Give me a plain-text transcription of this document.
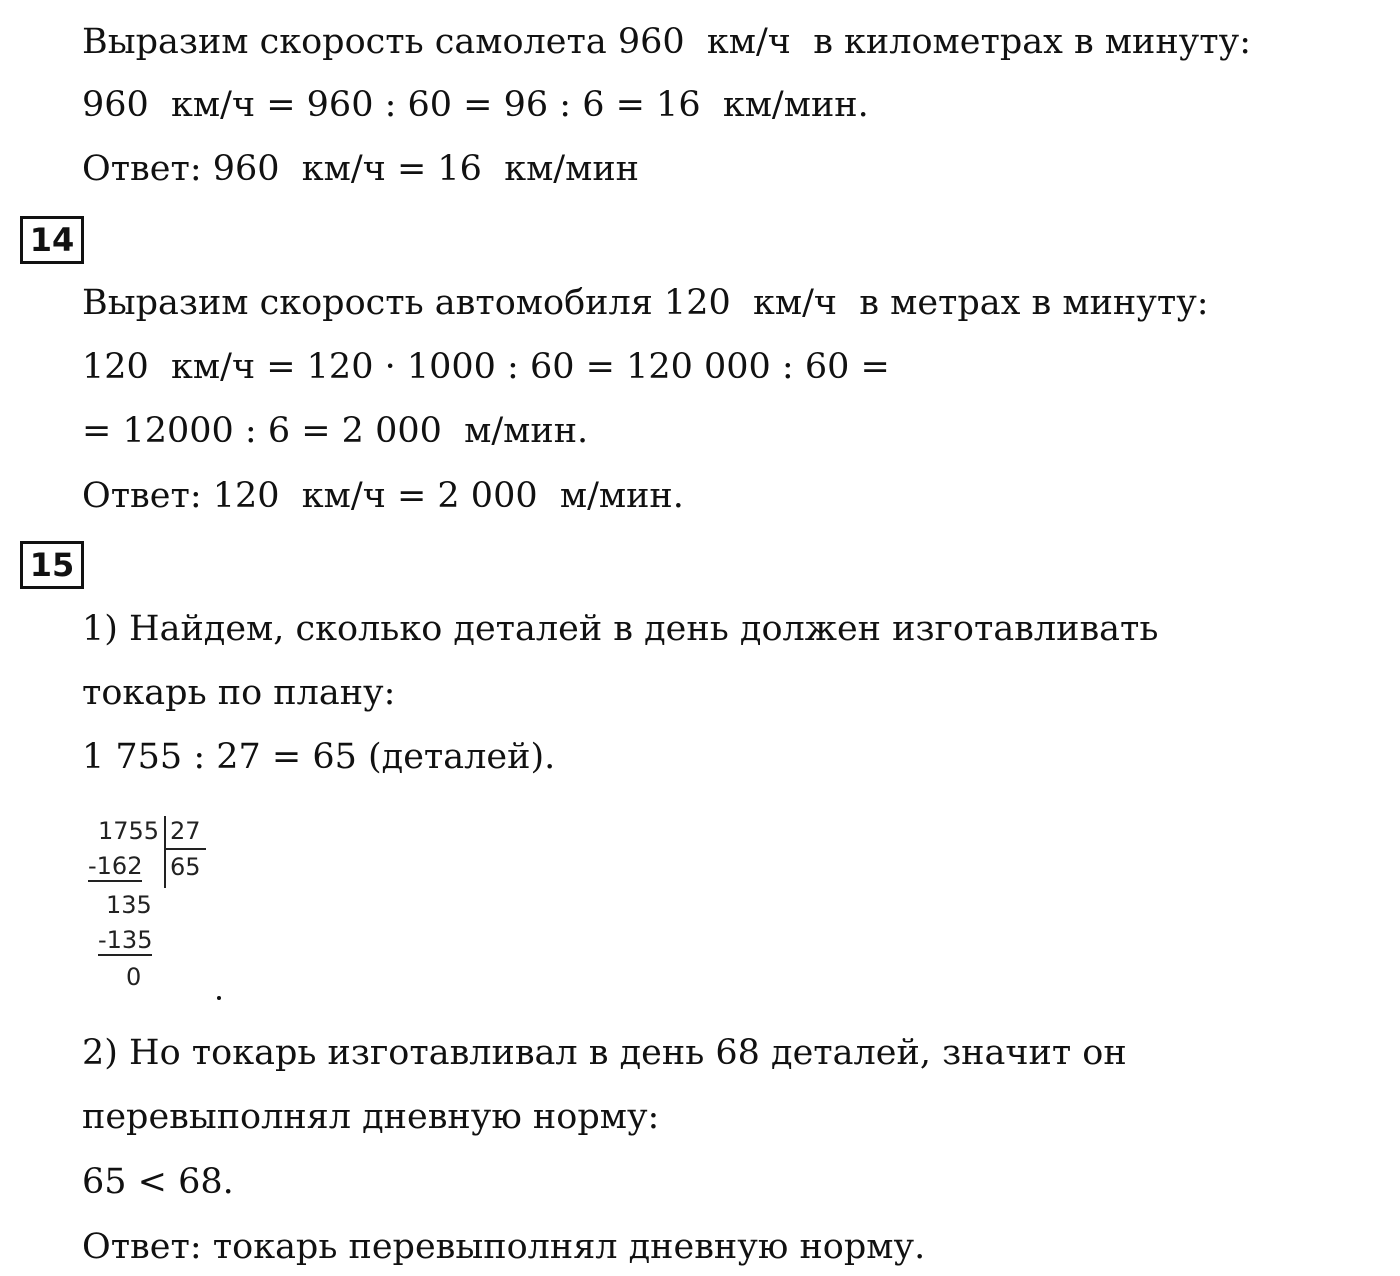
Выразим скорость самолета 960  км/ч  в километрах в минуту:
960  км/ч = 960 : 60 = 96 : 6 = 16  км/мин.
Ответ: 960  км/ч = 16  км/мин
14
Выразим скорость автомобиля 120  км/ч  в метрах в минуту:
120  км/ч = 120 · 1000 : 60 = 120 000 : 60 =
= 12000 : 6 = 2 000  м/мин.
Ответ: 120  км/ч = 2 000  м/мин.
15
1) Найдем, сколько деталей в день должен изготавливать
токарь по плану:
1 755 : 27 = 65 (деталей).
1755 27
65
-162
135
-135
0
2) Но токарь изготавливал в день 68 деталей, значит он
перевыполнял дневную норму:
65 < 68.
Ответ: токарь перевыполнял дневную норму.
